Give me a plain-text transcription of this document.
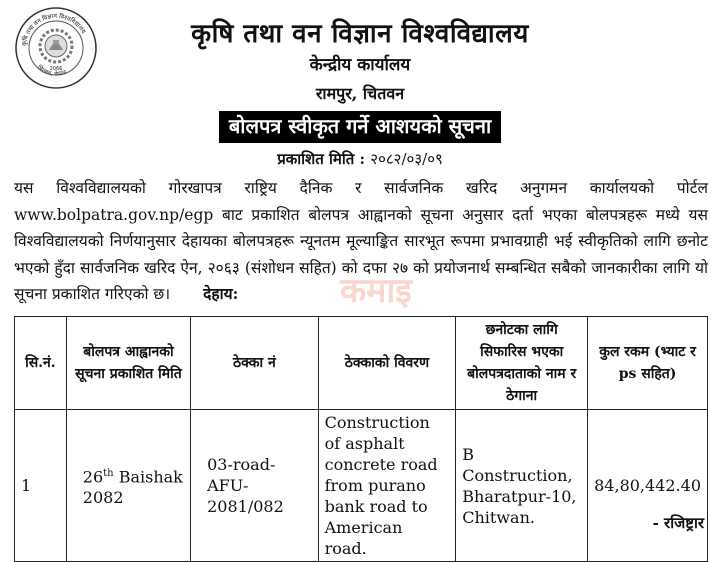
कृषि तथा वन विज्ञान विश्वविद्यालय
चितवन, नेपाल
2066
कृषि तथा वन विज्ञान विश्वविद्यालय
केन्द्रीय कार्यालय
रामपुर, चितवन
बोलपत्र स्वीकृत गर्ने आशयको सूचना
प्रकाशित मिति : २०८२/०३/०९
यस विश्वविद्यालयको गोरखापत्र राष्ट्रिय दैनिक र सार्वजनिक खरिद अनुगमन कार्यालयको पोर्टल www.bolpatra.gov.np/egp बाट प्रकाशित बोलपत्र आह्वानको सूचना अनुसार दर्ता भएका बोलपत्रहरू मध्ये यस विश्वविद्यालयको निर्णयानुसार देहायका बोलपत्रहरू न्यूनतम मूल्याङ्कित सारभूत रूपमा प्रभावग्राही भई स्वीकृतिको लागि छनोट भएको हुँदा सार्वजनिक खरिद ऐन, २०६३ (संशोधन सहित) को दफा २७ को प्रयोजनार्थ सम्बन्धित सबैको जानकारीका लागि यो सूचना प्रकाशित गरिएको छ। देहाय:	कमाइ
सि.नं.	बोलपत्र आह्वानको सूचना प्रकाशित मिति	ठेक्का नं	ठेक्काको विवरण	छनोटका लागि सिफारिस भएका बोलपत्रदाताको नाम र ठेगाना	कुल रकम (भ्याट र ps सहित)
1	26th Baishak 2082	03-road-AFU-2081/082	Construction of asphalt concrete road from purano bank road to American road.	B Construction, Bharatpur-10, Chitwan.	84,80,442.40
- रजिष्ट्रार
